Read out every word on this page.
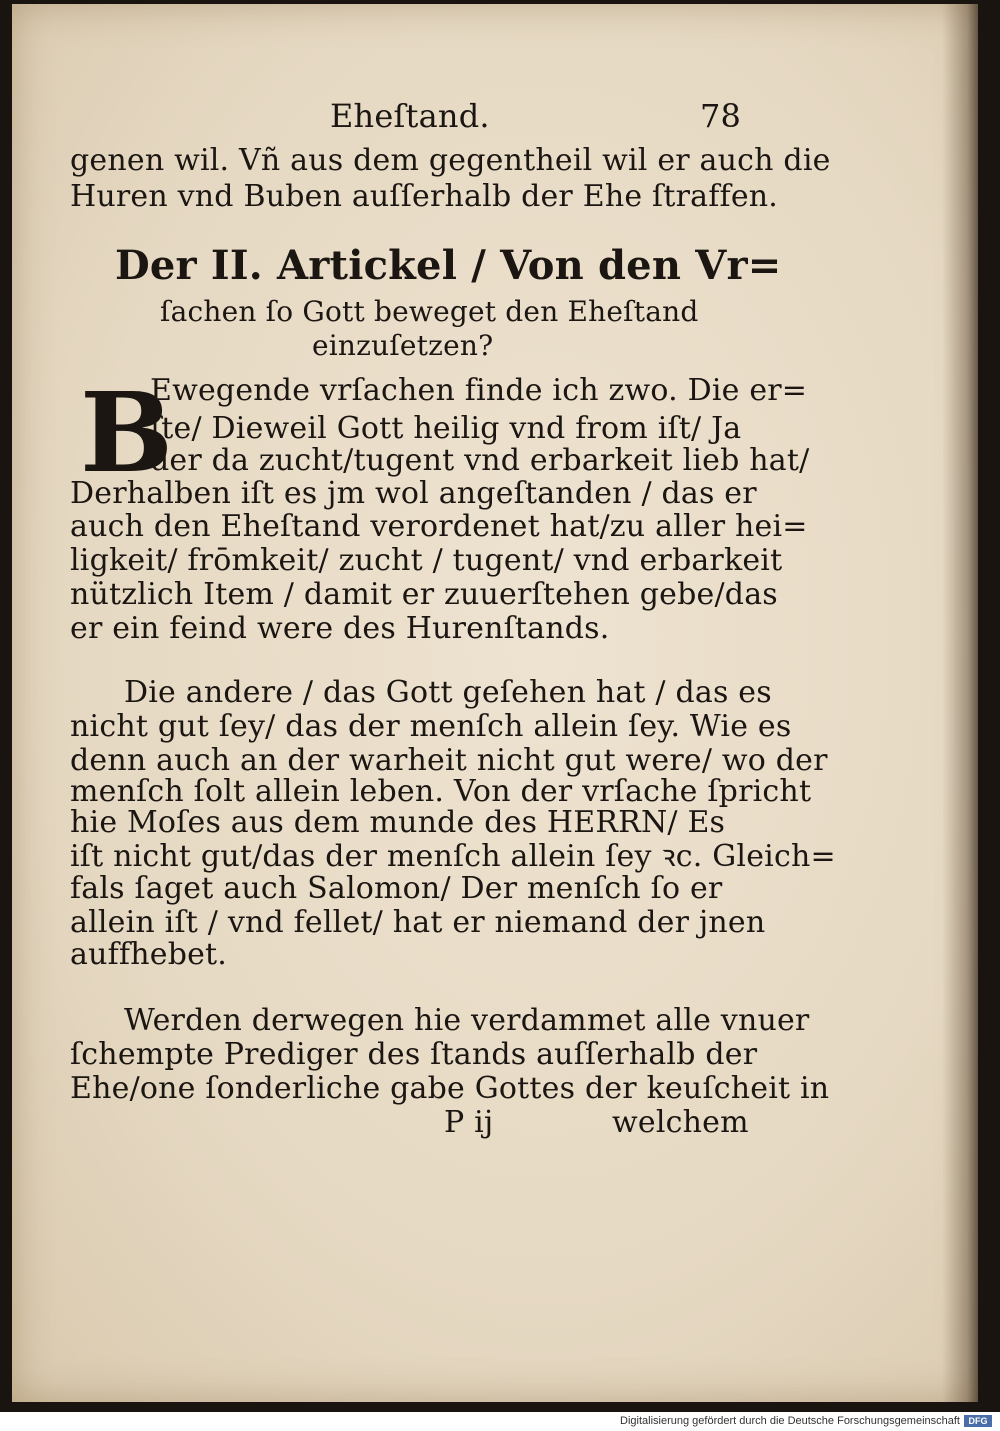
Eheſtand.	78
genen wil. Vñ aus dem gegentheil wil er auch die
Huren vnd Buben auſſerhalb der Ehe ſtraffen.
Der II. Artickel / Von den Vr=
ſachen ſo Gott beweget den Eheſtand
einzuſetzen?
B
Ewegende vrſachen finde ich zwo. Die er=
ſte/ Dieweil Gott heilig vnd from iſt/ Ja
der da zucht/tugent vnd erbarkeit lieb hat/
Derhalben iſt es jm wol angeſtanden / das er
auch den Eheſtand verordenet hat/zu aller hei=
ligkeit/ frōmkeit/ zucht / tugent/ vnd erbarkeit
nützlich Item / damit er zuuerſtehen gebe/das
er ein feind were des Hurenſtands.
Die andere / das Gott geſehen hat / das es
nicht gut ſey/ das der menſch allein ſey. Wie es
denn auch an der warheit nicht gut were/ wo der
menſch ſolt allein leben. Von der vrſache ſpricht
hie Moſes aus dem munde des HERRN/ Es
iſt nicht gut/das der menſch allein ſey ꝛc. Gleich=
fals ſaget auch Salomon/ Der menſch ſo er
allein iſt / vnd fellet/ hat er niemand der jnen
auffhebet.
Werden derwegen hie verdammet alle vnuer
ſchempte Prediger des ſtands auſſerhalb der
Ehe/one ſonderliche gabe Gottes der keuſcheit in
P ij	welchem
Digitalisierung gefördert durch die Deutsche Forschungsgemeinschaft DFG
